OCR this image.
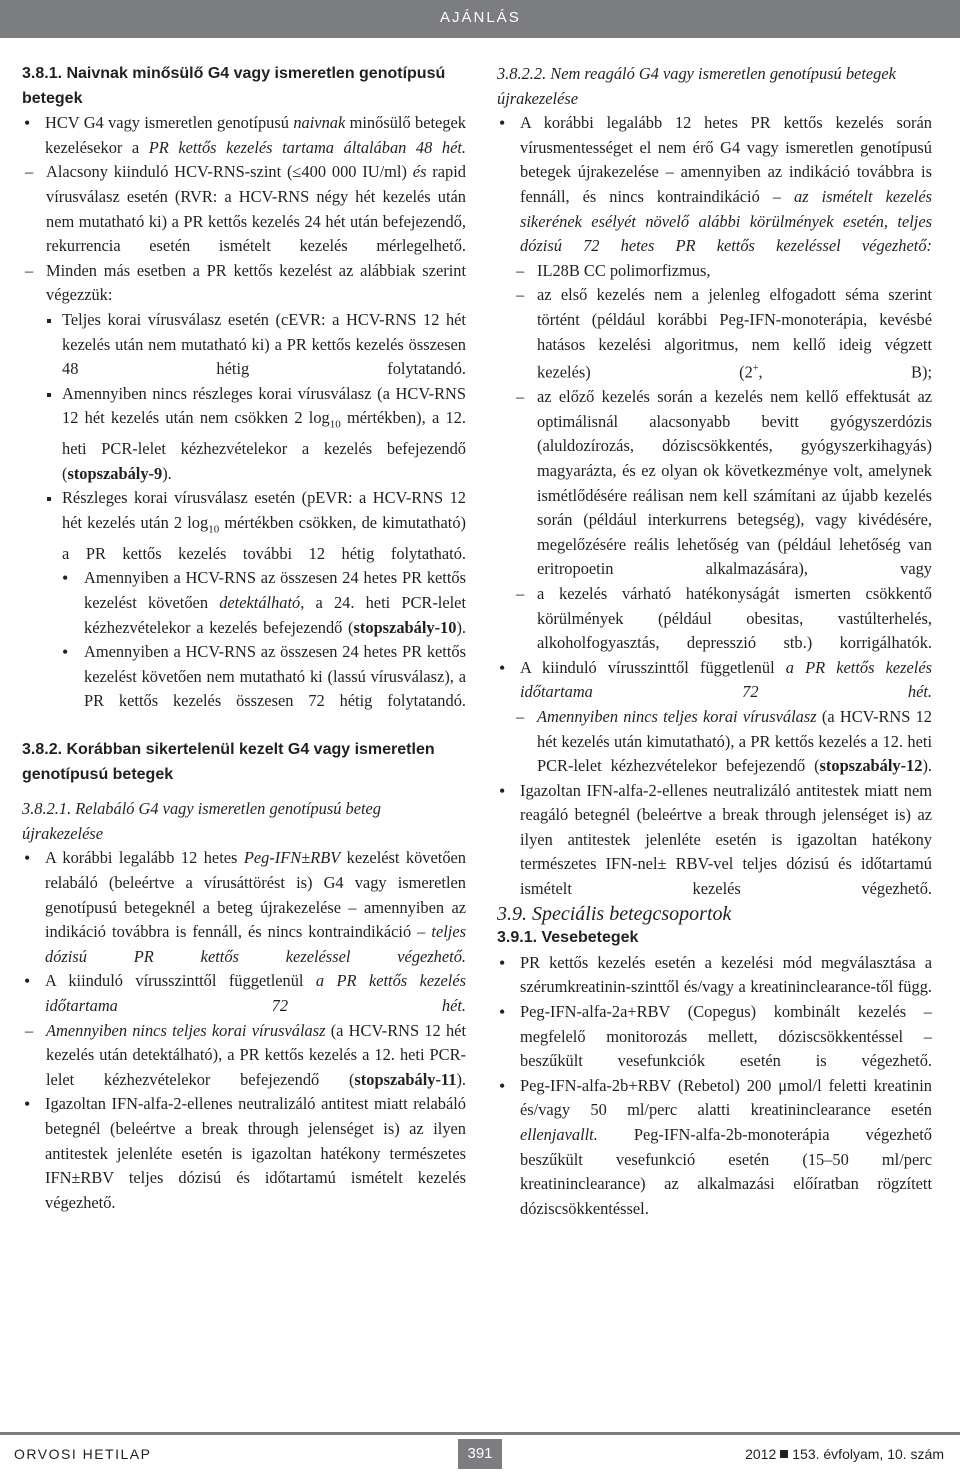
AJÁNLÁS

3.8.1. Naivnak minősülő G4 vagy ismeretlen genotípusú betegek

• HCV G4 vagy ismeretlen genotípusú naivnak minősülő betegek kezelésekor a PR kettős kezelés tartama általában 48 hét.

– Alacsony kiinduló HCV-RNS-szint (≤400 000 IU/ml) és rapid vírusválasz esetén (RVR: a HCV-RNS négy hét kezelés után nem mutatható ki) a PR kettős kezelés 24 hét után befejezendő, rekurrencia esetén ismételt kezelés mérlegelhető.

– Minden más esetben a PR kettős kezelést az alábbiak szerint végezzük:

Teljes korai vírusválasz esetén (cEVR: a HCV-RNS 12 hét kezelés után nem mutatható ki) a PR kettős kezelés összesen 48 hétig folytatandó.

Amennyiben nincs részleges korai vírusválasz (a HCV-RNS 12 hét kezelés után nem csökken 2 $\log_{10}$ mértékben), a 12. heti PCR-lelet kézhezvételekor a kezelés befejezendő (stopszabály-9).

Részleges korai vírusválasz esetén (pEVR: a HCV-RNS 12 hét kezelés után 2 $\log_{10}$ mértékben csökken, de kimutatható) a PR kettős kezelés további 12 hétig folytatható.

• Amennyiben a HCV-RNS az összesen 24 hetes PR kettős kezelést követően detektálható, a 24. heti PCR-lelet kézhezvételekor a kezelés befejezendő (stopszabály-10).

• Amennyiben a HCV-RNS az összesen 24 hetes PR kettős kezelést követően nem mutatható ki (lassú vírusválasz), a PR kettős kezelés összesen 72 hétig folytatandó.

3.8.2. Korábban sikertelenül kezelt G4 vagy ismeretlen genotípusú betegek

3.8.2.1. Relabáló G4 vagy ismeretlen genotípusú beteg újrakezelése

• A korábbi legalább 12 hetes Peg-IFN±RBV kezelést követően relabáló (beleértve a vírusáttörést is) G4 vagy ismeretlen genotípusú betegeknél a beteg újrakezelése – amennyiben az indikáció továbbra is fennáll, és nincs kontraindikáció – teljes dózisú PR kettős kezeléssel végezhető.

• A kiinduló vírusszinttől függetlenül a PR kettős kezelés időtartama 72 hét.

– Amennyiben nincs teljes korai vírusválasz (a HCV-RNS 12 hét kezelés után detektálható), a PR kettős kezelés a 12. heti PCR-lelet kézhezvételekor befejezendő (stopszabály-11).

• Igazoltan IFN-alfa-2-ellenes neutralizáló antitest miatt relabáló betegnél (beleértve a break through jelenséget is) az ilyen antitestek jelenléte esetén is igazoltan hatékony természetes IFN±RBV teljes dózisú és időtartamú ismételt kezelés végezhető.

3.8.2.2. Nem reagáló G4 vagy ismeretlen genotípusú betegek újrakezelése

• A korábbi legalább 12 hetes PR kettős kezelés során vírusmentességet el nem érő G4 vagy ismeretlen genotípusú betegek újrakezelése – amennyiben az indikáció továbbra is fennáll, és nincs kontraindikáció – az ismételt kezelés sikerének esélyét növelő alábbi körülmények esetén, teljes dózisú 72 hetes PR kettős kezeléssel végezhető:

– IL28B CC polimorfizmus,

– az első kezelés nem a jelenleg elfogadott séma szerint történt (például korábbi Peg-IFN-monoterápia, kevésbé hatásos kezelési algoritmus, nem kellő ideig végzett kezelés) (2+, B);

– az előző kezelés során a kezelés nem kellő effektusát az optimálisnál alacsonyabb bevitt gyógyszerdózis (aluldozírozás, dóziscsökkentés, gyógyszerkihagyás) magyarázta, és ez olyan ok következménye volt, amelynek ismétlődésére reálisan nem kell számítani az újabb kezelés során (például interkurrens betegség), vagy kivédésére, megelőzésére reális lehetőség van (például lehetőség van eritropoetin alkalmazására), vagy

– a kezelés várható hatékonyságát ismerten csökkentő körülmények (például obesitas, vastúlterhelés, alkoholfogyasztás, depresszió stb.) korrigálhatók.

• A kiinduló vírusszinttől függetlenül a PR kettős kezelés időtartama 72 hét.

– Amennyiben nincs teljes korai vírusválasz (a HCV-RNS 12 hét kezelés után kimutatható), a PR kettős kezelés a 12. heti PCR-lelet kézhezvételekor befejezendő (stopszabály-12).

• Igazoltan IFN-alfa-2-ellenes neutralizáló antitestek miatt nem reagáló betegnél (beleértve a break through jelenséget is) az ilyen antitestek jelenléte esetén is igazoltan hatékony természetes IFN-nel± RBV-vel teljes dózisú és időtartamú ismételt kezelés végezhető.

3.9. Speciális betegcsoportok

3.9.1. Vesebetegek

• PR kettős kezelés esetén a kezelési mód megválasztása a szérumkreatinin-szinttől és/vagy a kreatininclearance-től függ.

• Peg-IFN-alfa-2a+RBV (Copegus) kombinált kezelés – megfelelő monitorozás mellett, dóziscsökkentéssel – beszűkült vesefunkciók esetén is végezhető.

• Peg-IFN-alfa-2b+RBV (Rebetol) 200 μmol/l feletti kreatinin és/vagy 50 ml/perc alatti kreatininclearance esetén ellenjavallt. Peg-IFN-alfa-2b-monoterápia végezhető beszűkült vesefunkció esetén (15–50 ml/perc kreatininclearance) az alkalmazási előíratban rögzített dóziscsökkentéssel.

ORVOSI HETILAP	391	2012 153. évfolyam, 10. szám
